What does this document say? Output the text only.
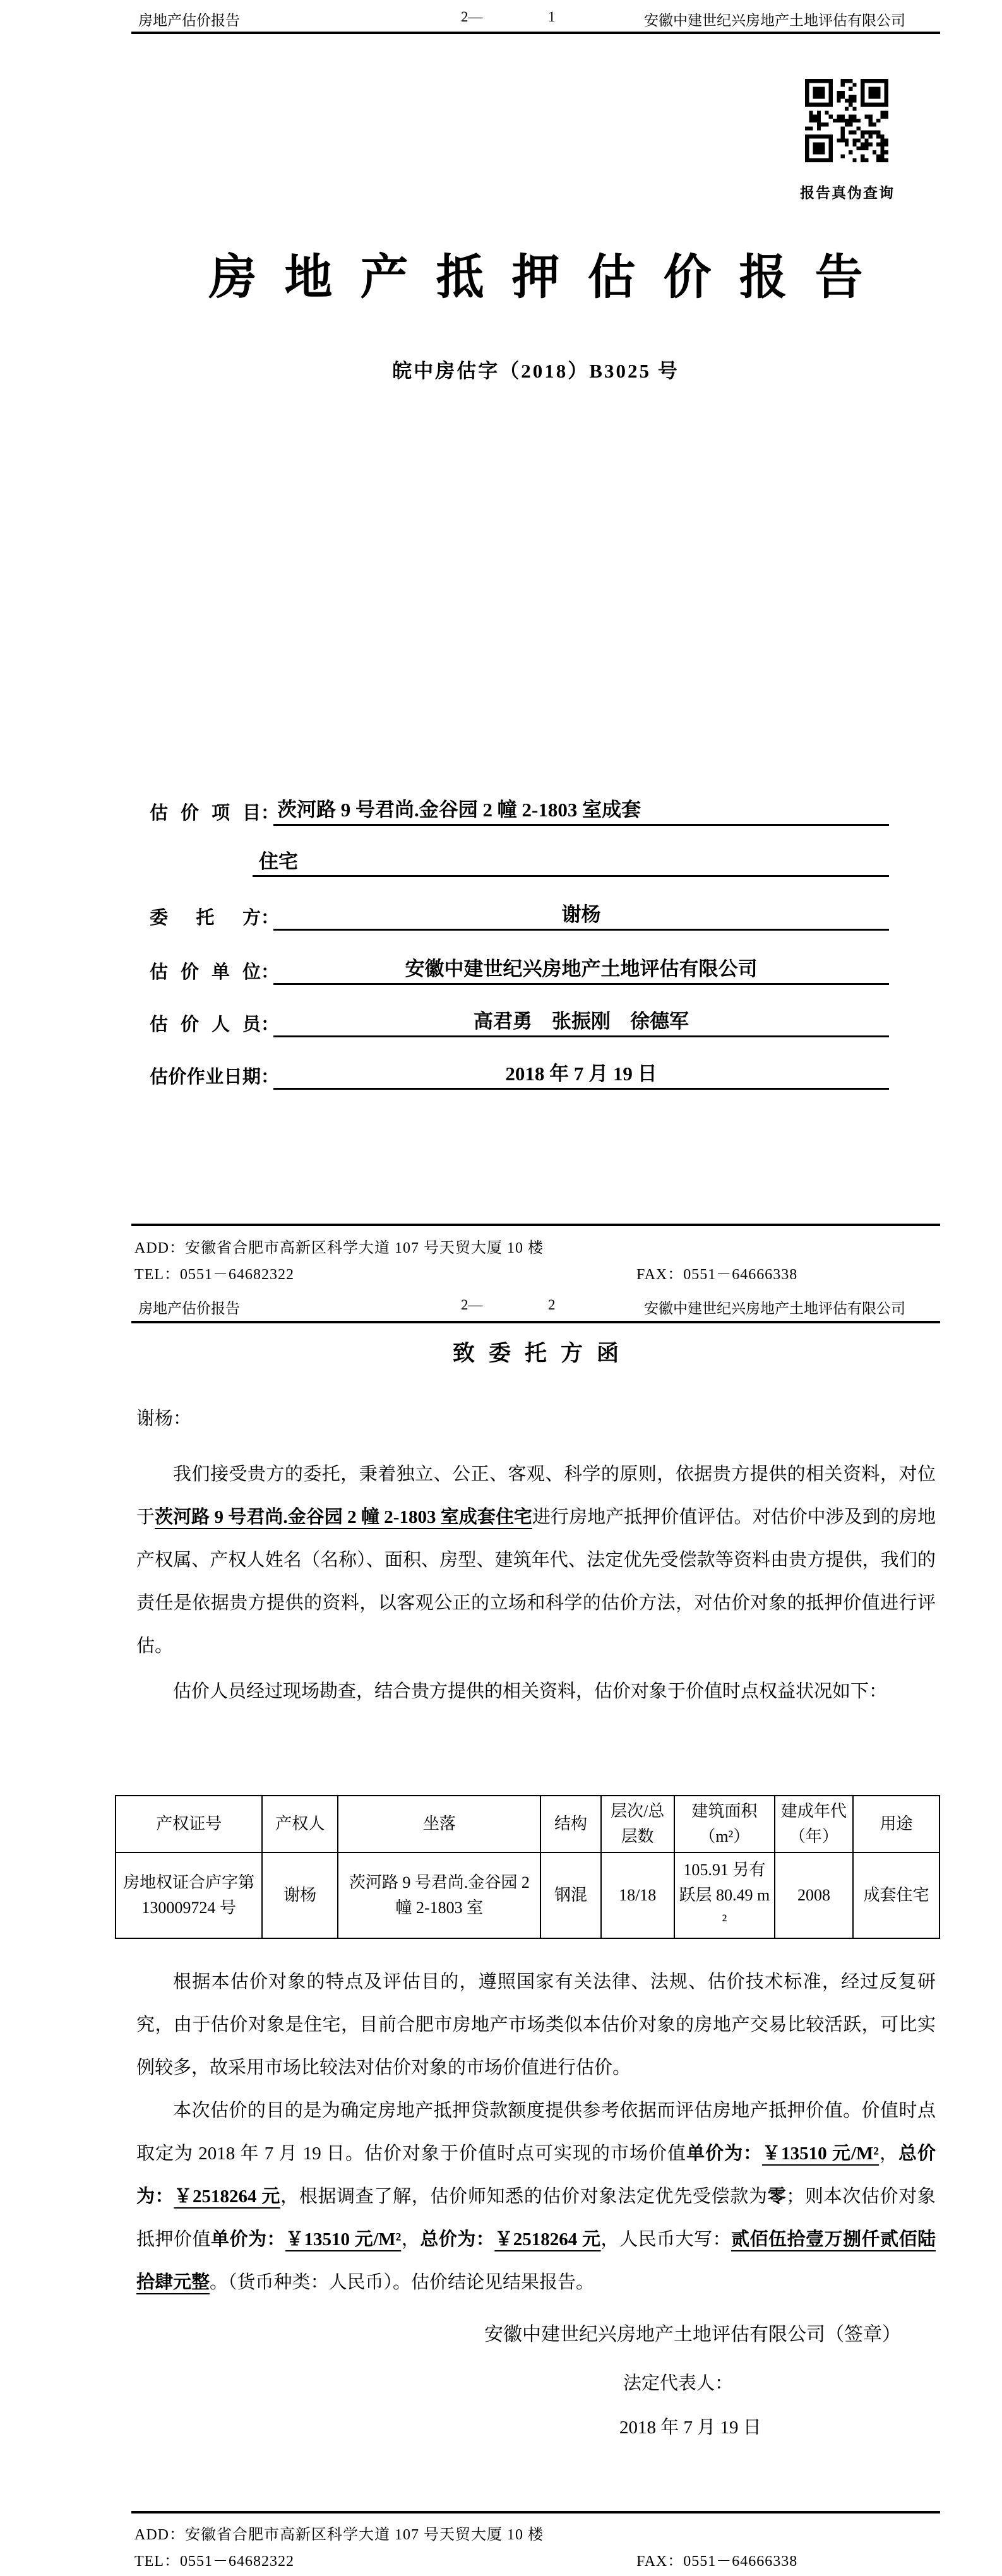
房地产估价报告	2—	1	安徽中建世纪兴房地产土地评估有限公司
报告真伪查询
房地产抵押估价报告
皖中房估字（2018）B3025 号
估价项目 ：
茨河路 9 号君尚.金谷园 2 幢 2-1803 室成套
住宅
委托方 ：	谢杨
估价单位 ：	安徽中建世纪兴房地产土地评估有限公司
估价人员 ：	高君勇　张振刚　徐德军
估价作业日期 ：	2018 年 7 月 19 日
ADD：安徽省合肥市高新区科学大道 107 号天贸大厦 10 楼
TEL：0551－64682322	FAX：0551－64666338
房地产估价报告	2—	2	安徽中建世纪兴房地产土地评估有限公司
致委托方函
谢杨：

我们接受贵方的委托，秉着独立、公正、客观、科学的原则，依据贵方提供的相关资料，对位于茨河路 9 号君尚.金谷园 2 幢 2-1803 室成套住宅进行房地产抵押价值评估。对估价中涉及到的房地产权属、产权人姓名（名称）、面积、房型、建筑年代、法定优先受偿款等资料由贵方提供，我们的责任是依据贵方提供的资料，以客观公正的立场和科学的估价方法，对估价对象的抵押价值进行评估。

估价人员经过现场勘查，结合贵方提供的相关资料，估价对象于价值时点权益状况如下：

产权证号	产权人	坐落	结构	层次/总层数	建筑面积（m²）	建成年代（年）	用途
房地权证合庐字第 130009724 号	谢杨	茨河路 9 号君尚.金谷园 2 幢 2-1803 室	钢混	18/18	105.91 另有跃层 80.49 m²	2008	成套住宅

根据本估价对象的特点及评估目的，遵照国家有关法律、法规、估价技术标准，经过反复研究，由于估价对象是住宅，目前合肥市房地产市场类似本估价对象的房地产交易比较活跃，可比实例较多，故采用市场比较法对估价对象的市场价值进行估价。

本次估价的目的是为确定房地产抵押贷款额度提供参考依据而评估房地产抵押价值。价值时点取定为 2018 年 7 月 19 日。估价对象于价值时点可实现的市场价值单价为：￥13510 元/M²，总价为：￥2518264 元，根据调查了解，估价师知悉的估价对象法定优先受偿款为零；则本次估价对象抵押价值单价为：￥13510 元/M²，总价为：￥2518264 元，人民币大写：贰佰伍拾壹万捌仟贰佰陆拾肆元整。（货币种类：人民币）。估价结论见结果报告。

安徽中建世纪兴房地产土地评估有限公司（签章）
法定代表人：
2018 年 7 月 19 日
ADD：安徽省合肥市高新区科学大道 107 号天贸大厦 10 楼
TEL：0551－64682322	FAX：0551－64666338
